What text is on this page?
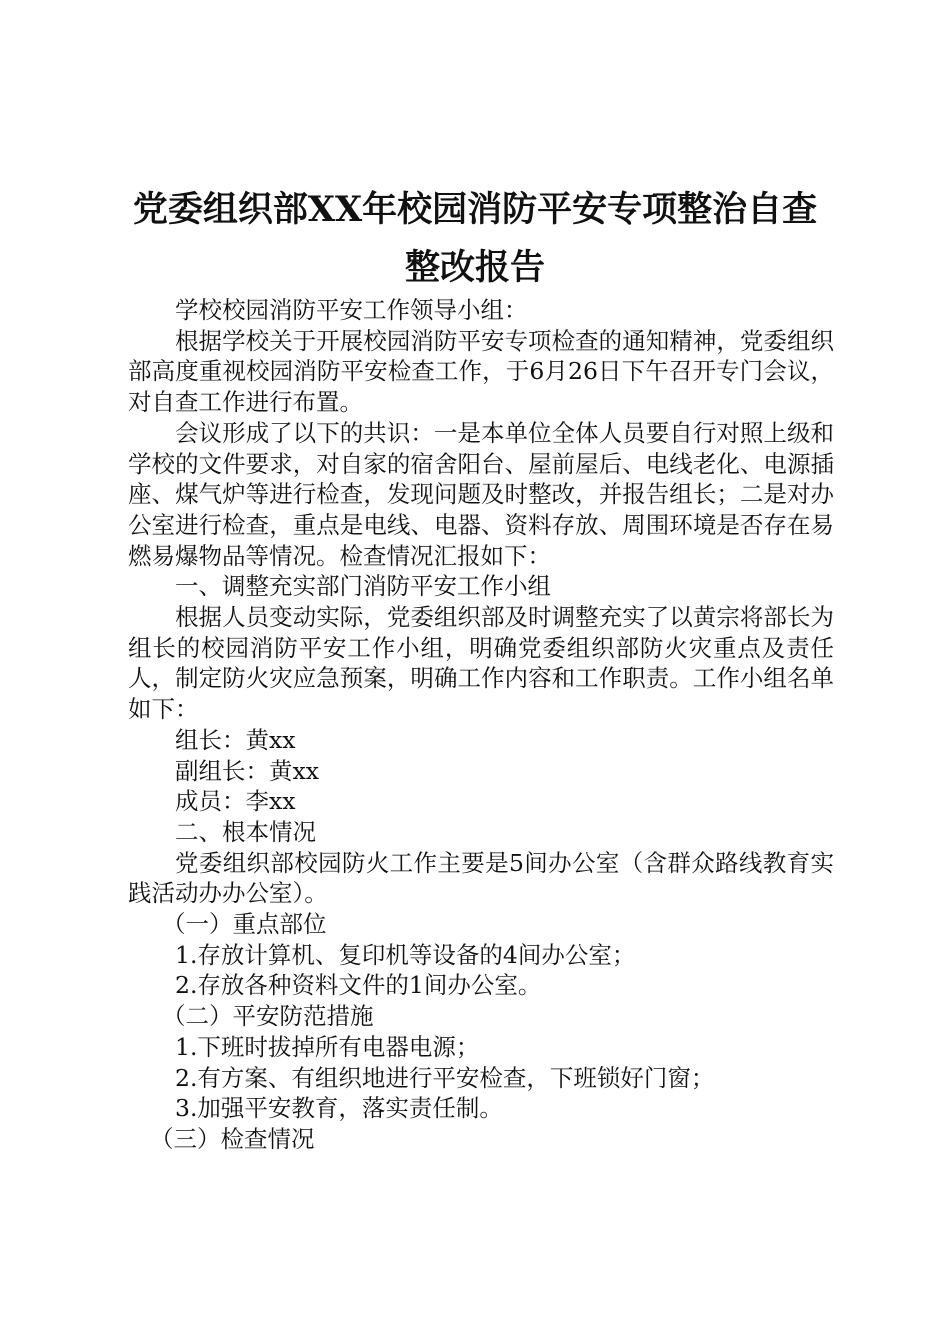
党委组织部XX年校园消防平安专项整治自查
整改报告

学校校园消防平安工作领导小组：

根据学校关于开展校园消防平安专项检查的通知精神，党委组织部高度重视校园消防平安检查工作，于6月26日下午召开专门会议，对自查工作进行布置。

会议形成了以下的共识：一是本单位全体人员要自行对照上级和学校的文件要求，对自家的宿舍阳台、屋前屋后、电线老化、电源插座、煤气炉等进行检查，发现问题及时整改，并报告组长；二是对办公室进行检查，重点是电线、电器、资料存放、周围环境是否存在易燃易爆物品等情况。检查情况汇报如下：

一、调整充实部门消防平安工作小组

根据人员变动实际，党委组织部及时调整充实了以黄宗将部长为组长的校园消防平安工作小组，明确党委组织部防火灾重点及责任人，制定防火灾应急预案，明确工作内容和工作职责。工作小组名单如下：

组长：黄xx

副组长：黄xx

成员：李xx

二、根本情况

党委组织部校园防火工作主要是5间办公室（含群众路线教育实践活动办办公室）。

（一）重点部位

1.存放计算机、复印机等设备的4间办公室；

2.存放各种资料文件的1间办公室。

（二）平安防范措施

1.下班时拔掉所有电器电源；

2.有方案、有组织地进行平安检查，下班锁好门窗；

3.加强平安教育，落实责任制。

（三）检查情况
